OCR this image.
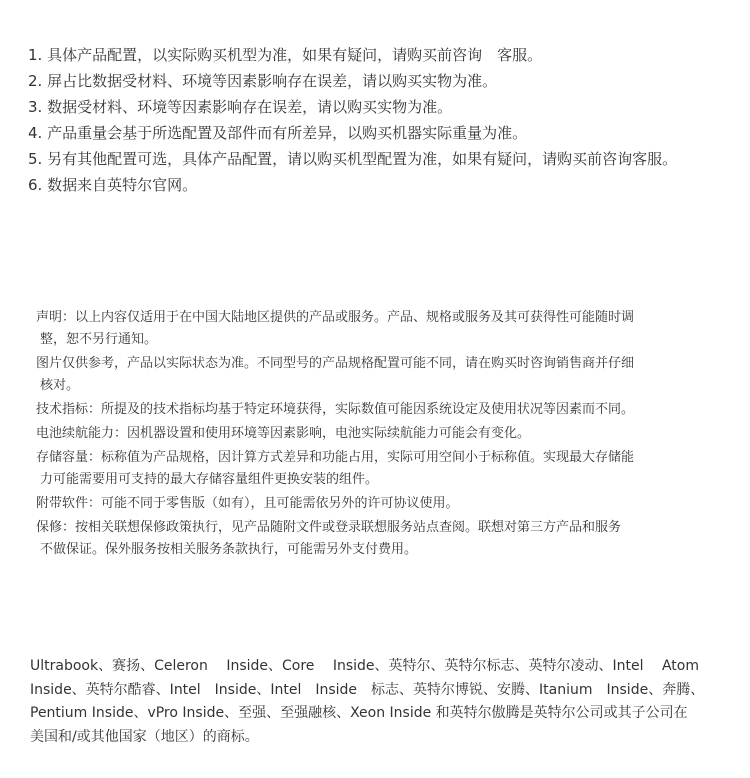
1. 具体产品配置，以实际购买机型为准，如果有疑问，请购买前咨询　客服。
2. 屏占比数据受材料、环境等因素影响存在误差，请以购买实物为准。
3. 数据受材料、环境等因素影响存在误差，请以购买实物为准。
4. 产品重量会基于所选配置及部件而有所差异，以购买机器实际重量为准。
5. 另有其他配置可选，具体产品配置，请以购买机型配置为准，如果有疑问，请购买前咨询客服。
6. 数据来自英特尔官网。
声明：以上内容仅适用于在中国大陆地区提供的产品或服务。产品、规格或服务及其可获得性可能随时调
整，恕不另行通知。
图片仅供参考，产品以实际状态为准。不同型号的产品规格配置可能不同，请在购买时咨询销售商并仔细
核对。
技术指标：所提及的技术指标均基于特定环境获得，实际数值可能因系统设定及使用状况等因素而不同。
电池续航能力：因机器设置和使用环境等因素影响，电池实际续航能力可能会有变化。
存储容量：标称值为产品规格，因计算方式差异和功能占用，实际可用空间小于标称值。实现最大存储能
力可能需要用可支持的最大存储容量组件更换安装的组件。
附带软件：可能不同于零售版（如有），且可能需依另外的许可协议使用。
保修：按相关联想保修政策执行，见产品随附文件或登录联想服务站点查阅。联想对第三方产品和服务
不做保证。保外服务按相关服务条款执行，可能需另外支付费用。

Ultrabook、赛扬、Celeron　 Inside、Core　 Inside、英特尔、英特尔标志、英特尔凌动、Intel　 Atom
Inside、英特尔酷睿、Intel　Inside、Intel　Inside　标志、英特尔博锐、安腾、Itanium　Inside、奔腾、
Pentium Inside、vPro Inside、至强、至强融核、Xeon Inside 和英特尔傲腾是英特尔公司或其子公司在
美国和/或其他国家（地区）的商标。
